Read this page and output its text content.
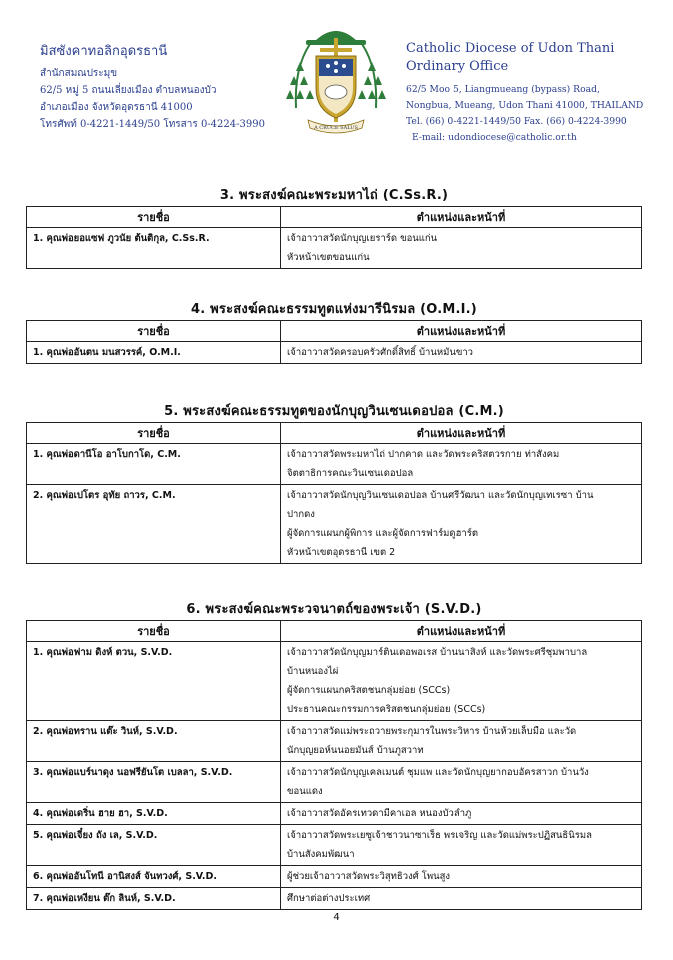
มิสซังคาทอลิกอุดรธานี
สำนักสมณประมุข
62/5 หมู่ 5 ถนนเลี่ยงเมือง ตำบลหนองบัว
อำเภอเมือง จังหวัดอุดรธานี 41000
โทรศัพท์ 0-4221-1449/50 โทรสาร 0-4224-3990	A CRUCE SALUS
Catholic Diocese of Udon Thani
Ordinary Office
62/5 Moo 5, Liangmueang (bypass) Road,
Nongbua, Mueang, Udon Thani 41000, THAILAND
Tel. (66) 0-4221-1449/50 Fax. (66) 0-4224-3990
E-mail: udondiocese@catholic.or.th
3. พระสงฆ์คณะพระมหาไถ่ (C.Ss.R.)
รายชื่อ	ตำแหน่งและหน้าที่
1. คุณพ่อยอแซฟ ภูวนัย ต้นติกุล, C.Ss.R.	เจ้าอาวาสวัดนักบุญเยราร์ด ขอนแก่น
หัวหน้าเขตขอนแก่น
4. พระสงฆ์คณะธรรมทูตแห่งมารีนิรมล (O.M.I.)
รายชื่อ	ตำแหน่งและหน้าที่
1. คุณพ่ออันตน มนสวรรค์, O.M.I.	เจ้าอาวาสวัดครอบครัวศักดิ์สิทธิ์ บ้านหมันขาว
5. พระสงฆ์คณะธรรมทูตของนักบุญวินเซนเดอปอล (C.M.)
รายชื่อ	ตำแหน่งและหน้าที่
1. คุณพ่อดานีโอ อาโบกาโด, C.M.	เจ้าอาวาสวัดพระมหาไถ่ ปากคาด และวัดพระคริสตวรกาย ท่าสังคม
จิตตาธิการคณะวินเซนเดอปอล

2. คุณพ่อเปโตร อุทัย ถาวร, C.M.	เจ้าอาวาสวัดนักบุญวินเซนเดอปอล บ้านศรีวัฒนา และวัดนักบุญเทเรซา บ้าน
ปากดง
ผู้จัดการแผนกผู้พิการ และผู้จัดการฟาร์มดูฮาร์ต
หัวหน้าเขตอุดรธานี เขต 2
6. พระสงฆ์คณะพระวจนาตถ์ของพระเจ้า (S.V.D.)
รายชื่อ	ตำแหน่งและหน้าที่
1. คุณพ่อฟาม ดิงห์ ตวน, S.V.D.	เจ้าอาวาสวัดนักบุญมาร์ตินเดอพอเรส บ้านนาสิงห์ และวัดพระศรีชุมพาบาล
บ้านหนองไผ่
ผู้จัดการแผนกคริสตชนกลุ่มย่อย (SCCs)
ประธานคณะกรรมการคริสตชนกลุ่มย่อย (SCCs)

2. คุณพ่อทราน แต๊ะ วินห์, S.V.D.	เจ้าอาวาสวัดแม่พระถวายพระกุมารในพระวิหาร บ้านห้วยเล็บมือ และวัด
นักบุญยอห์นนอยมันส์ บ้านภูสวาท

3. คุณพ่อแบร์นาดุง นอฟรียันโต เบลลา, S.V.D.	เจ้าอาวาสวัดนักบุญเคลเมนต์ ชุมแพ และวัดนักบุญยากอบอัครสาวก บ้านวัง
ขอนแดง

4. คุณพ่อเดริ่น ฮาย ฮา, S.V.D.	เจ้าอาวาสวัดอัครเทวดามีคาเอล หนองบัวลำภู

5. คุณพ่อเจี๋ยง ถัง เล, S.V.D.	เจ้าอาวาสวัดพระเยซูเจ้าชาวนาซาเร็ธ พรเจริญ และวัดแม่พระปฏิสนธินิรมล
บ้านสังคมพัฒนา

6. คุณพ่ออันโทนี อานิสงส์ จันทวงศ์, S.V.D.	ผู้ช่วยเจ้าอาวาสวัดพระวิสุทธิวงศ์ โพนสูง

7. คุณพ่อเหงียน ต๊ก ลินห์, S.V.D.	ศึกษาต่อต่างประเทศ
4
